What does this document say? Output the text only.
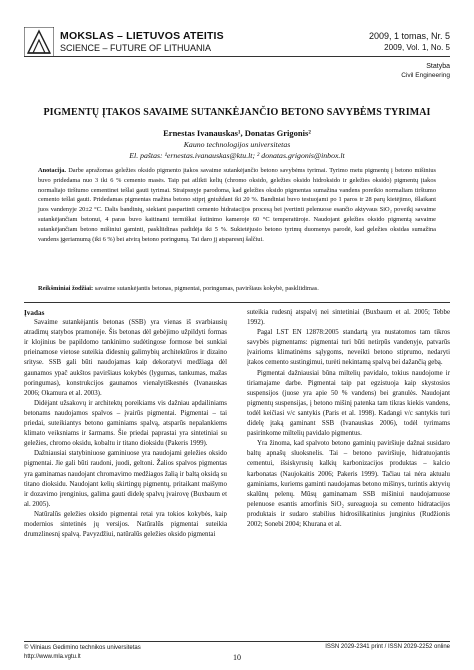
MOKSLAS – LIETUVOS ATEITIS
SCIENCE – FUTURE OF LITHUANIA
2009, 1 tomas, Nr. 5
2009, Vol. 1, No. 5
Statyba
Civil Engineering
PIGMENTŲ ĮTAKOS SAVAIME SUTANKĖJANČIO BETONO SAVYBĖMS TYRIMAI
Ernestas Ivanauskas¹, Donatas Grigonis²
Kauno technologijos universitetas
El. paštas: ¹ernestas.ivanauskas@ktu.lt; ² donatas.grigonis@inbox.lt
Anotacija. Darbe apražomas geležies oksido pigmento įtakos savaime sutankėjančio betono savybėms tyrimai. Tyrimo metu pigmentų į betono mišinius buvo pridedama nuo 3 iki 6 % cemento masės. Taip pat atlikti kelių (chromo oksido, geležies oksido hidroksido ir geležies oksido) pigmentų įtakos normaliajo tirštumo cementinei tešlai gauti tyrimai. Straipsnyje parodoma, kad geležies oksido pigmentas sumažina vandens poreikio normaliam tirštumo cemento tešlai gauti. Pridedamas pigmentas mažina betono stiprį gniuždant iki 20 %. Bandiniai buvo testuojami po 1 paros ir 28 parų kietėjimo, išlaikant juos vandenyje 20±2 °C. Dalis bandinių, siekiant paspartinti cemento hidratacijos procesą bei įvertinti pelenuose esančio aktyvaus SiO₂ poveikį savaime sutankėjančiam betonui, 4 paras buvo kaitinami termiškai šutinimo kameroje 60 °C temperatūroje. Naudojant geležies oksido pigmentą savaime sutankėjančiam betono mišiniui gaminti, paskliidinas padidėja iki 5 %. Sukietėjusio betono tyrimų duomenys parodė, kad geležies oksidas sumažina vandens įgeriamumą (iki 6 %) bei atvirą betono poringumą. Tai daro jį atsparesnį šalčiui.
Reikšminiai žodžiai: savaime sutankėjantis betonas, pigmentai, poringumas, paviršiaus kokybė, paskliidimas.

Įvadas

Savaime sutankėjantis betonas (SSB) yra vienas iš svarbiausių atradimų statybos pramonėje. Šis betonas dėl gebėjimo užpildyti formas ir klojinius be papildomo tankinimo sudėtingose formose bei sunkiai prieinamose vietose suteikia didesnių galimybių architektūros ir dizaino srityse. SSB gali būti naudojamas kaip dekoratyvi medžiaga dėl gaunamos ypač aukštos paviršiaus kokybės (lygumas, tankumas, mažas poringumas), konstrukcijos gaunamos vienalytiškesnės (Ivanauskas 2006; Okamura et al. 2003).

Didėjant užsakovų ir architektų poreikiams vis dažniau apdailiniams betonams naudojamos spalvos – įvairūs pigmentai. Pigmentai – tai priedai, suteikiantys betono gaminiams spalvą, atsparūs nepalankiems klimato veiksniams ir šarmams. Šie priedai paprastai yra sintetiniai su geležies, chromo oksidu, kobaltu ir titano dioksidu (Pakeris 1999).

Dažniausiai statybiniuose gaminiuose yra naudojami geležies oksido pigmentai. Jie gali būti raudoni, juodi, geltoni. Žalios spalvos pigmentas yra gaminamas naudojant chromavimo medžiagos žalią ir baltą oksidą su titano dioksidu. Naudojant kelių skirtingų pigmentų, pritaikant maišymo ir dozavimo įrenginius, galima gauti didelę spalvų įvairovę (Buxbaum et al. 2005).

Natūralūs geležies oksido pigmentai retai yra tokios kokybės, kaip modernios sintetinės jų versijos. Natūralūs pigmentai suteikia drumzlinesnį spalvą. Pavyzdžiui, natūralūs geležies oksido pigmentai

suteikia rudesnį atspalvį nei sintetiniai (Buxbaum et al. 2005; Tebbe 1992).

Pagal LST EN 12878:2005 standartą yra nustatomos tam tikros savybės pigmentams: pigmentai turi būti netirpūs vandenyje, patvarūs įvairioms klimatinėms sąlygoms, neveikti betono stiprumo, nedaryti įtakos cemento sustingimui, turėti nekintamą spalvą bei dažančią gebą.

Pigmentai dažniausiai būna miltelių pavidalo, tokius naudojome ir tiriamajame darbe. Pigmentai taip pat egzistuoja kaip skystosios suspensijos (juose yra apie 50 % vandens) bei granulės. Naudojant pigmentų suspensijas, į betono mišinį patenka tam tikras kiekis vandens, todėl keičiasi v/c santykis (Paris et al. 1998). Kadangi v/c santykis turi didelę įtaką gaminant SSB (Ivanauskas 2006), todėl tyrimams pasirinkome miltelių pavidalo pigmentus.

Yra žinoma, kad spalvoto betono gaminių paviršiuje dažnai susidaro baltų apnašų sluoksnelis. Tai – betono paviršiuje, hidratuojantis cementui, išsiskyrusių kalkių karbonizacijos produktas – kalcio karbonatas (Naujokaitis 2006; Pakeris 1999). Tačiau tai nėra aktualu gaminiams, kuriems gaminti naudojamas betono mišinys, turintis aktyvių skalūnų pelenų. Mūsų gaminamam SSB mišiniui naudojamuose pelenuose esantis amorfinis SiO₂ sureaguoja su cemento hidratacijos produktais ir sudaro stabilius hidrosilikatinius junginius (Rudžionis 2002; Sonebi 2004; Khurana et al.

© Vilniaus Gedimino technikos universitetas
http://www.mla.vgtu.lt	10
ISSN 2029-2341 print / ISSN 2029-2252 online
